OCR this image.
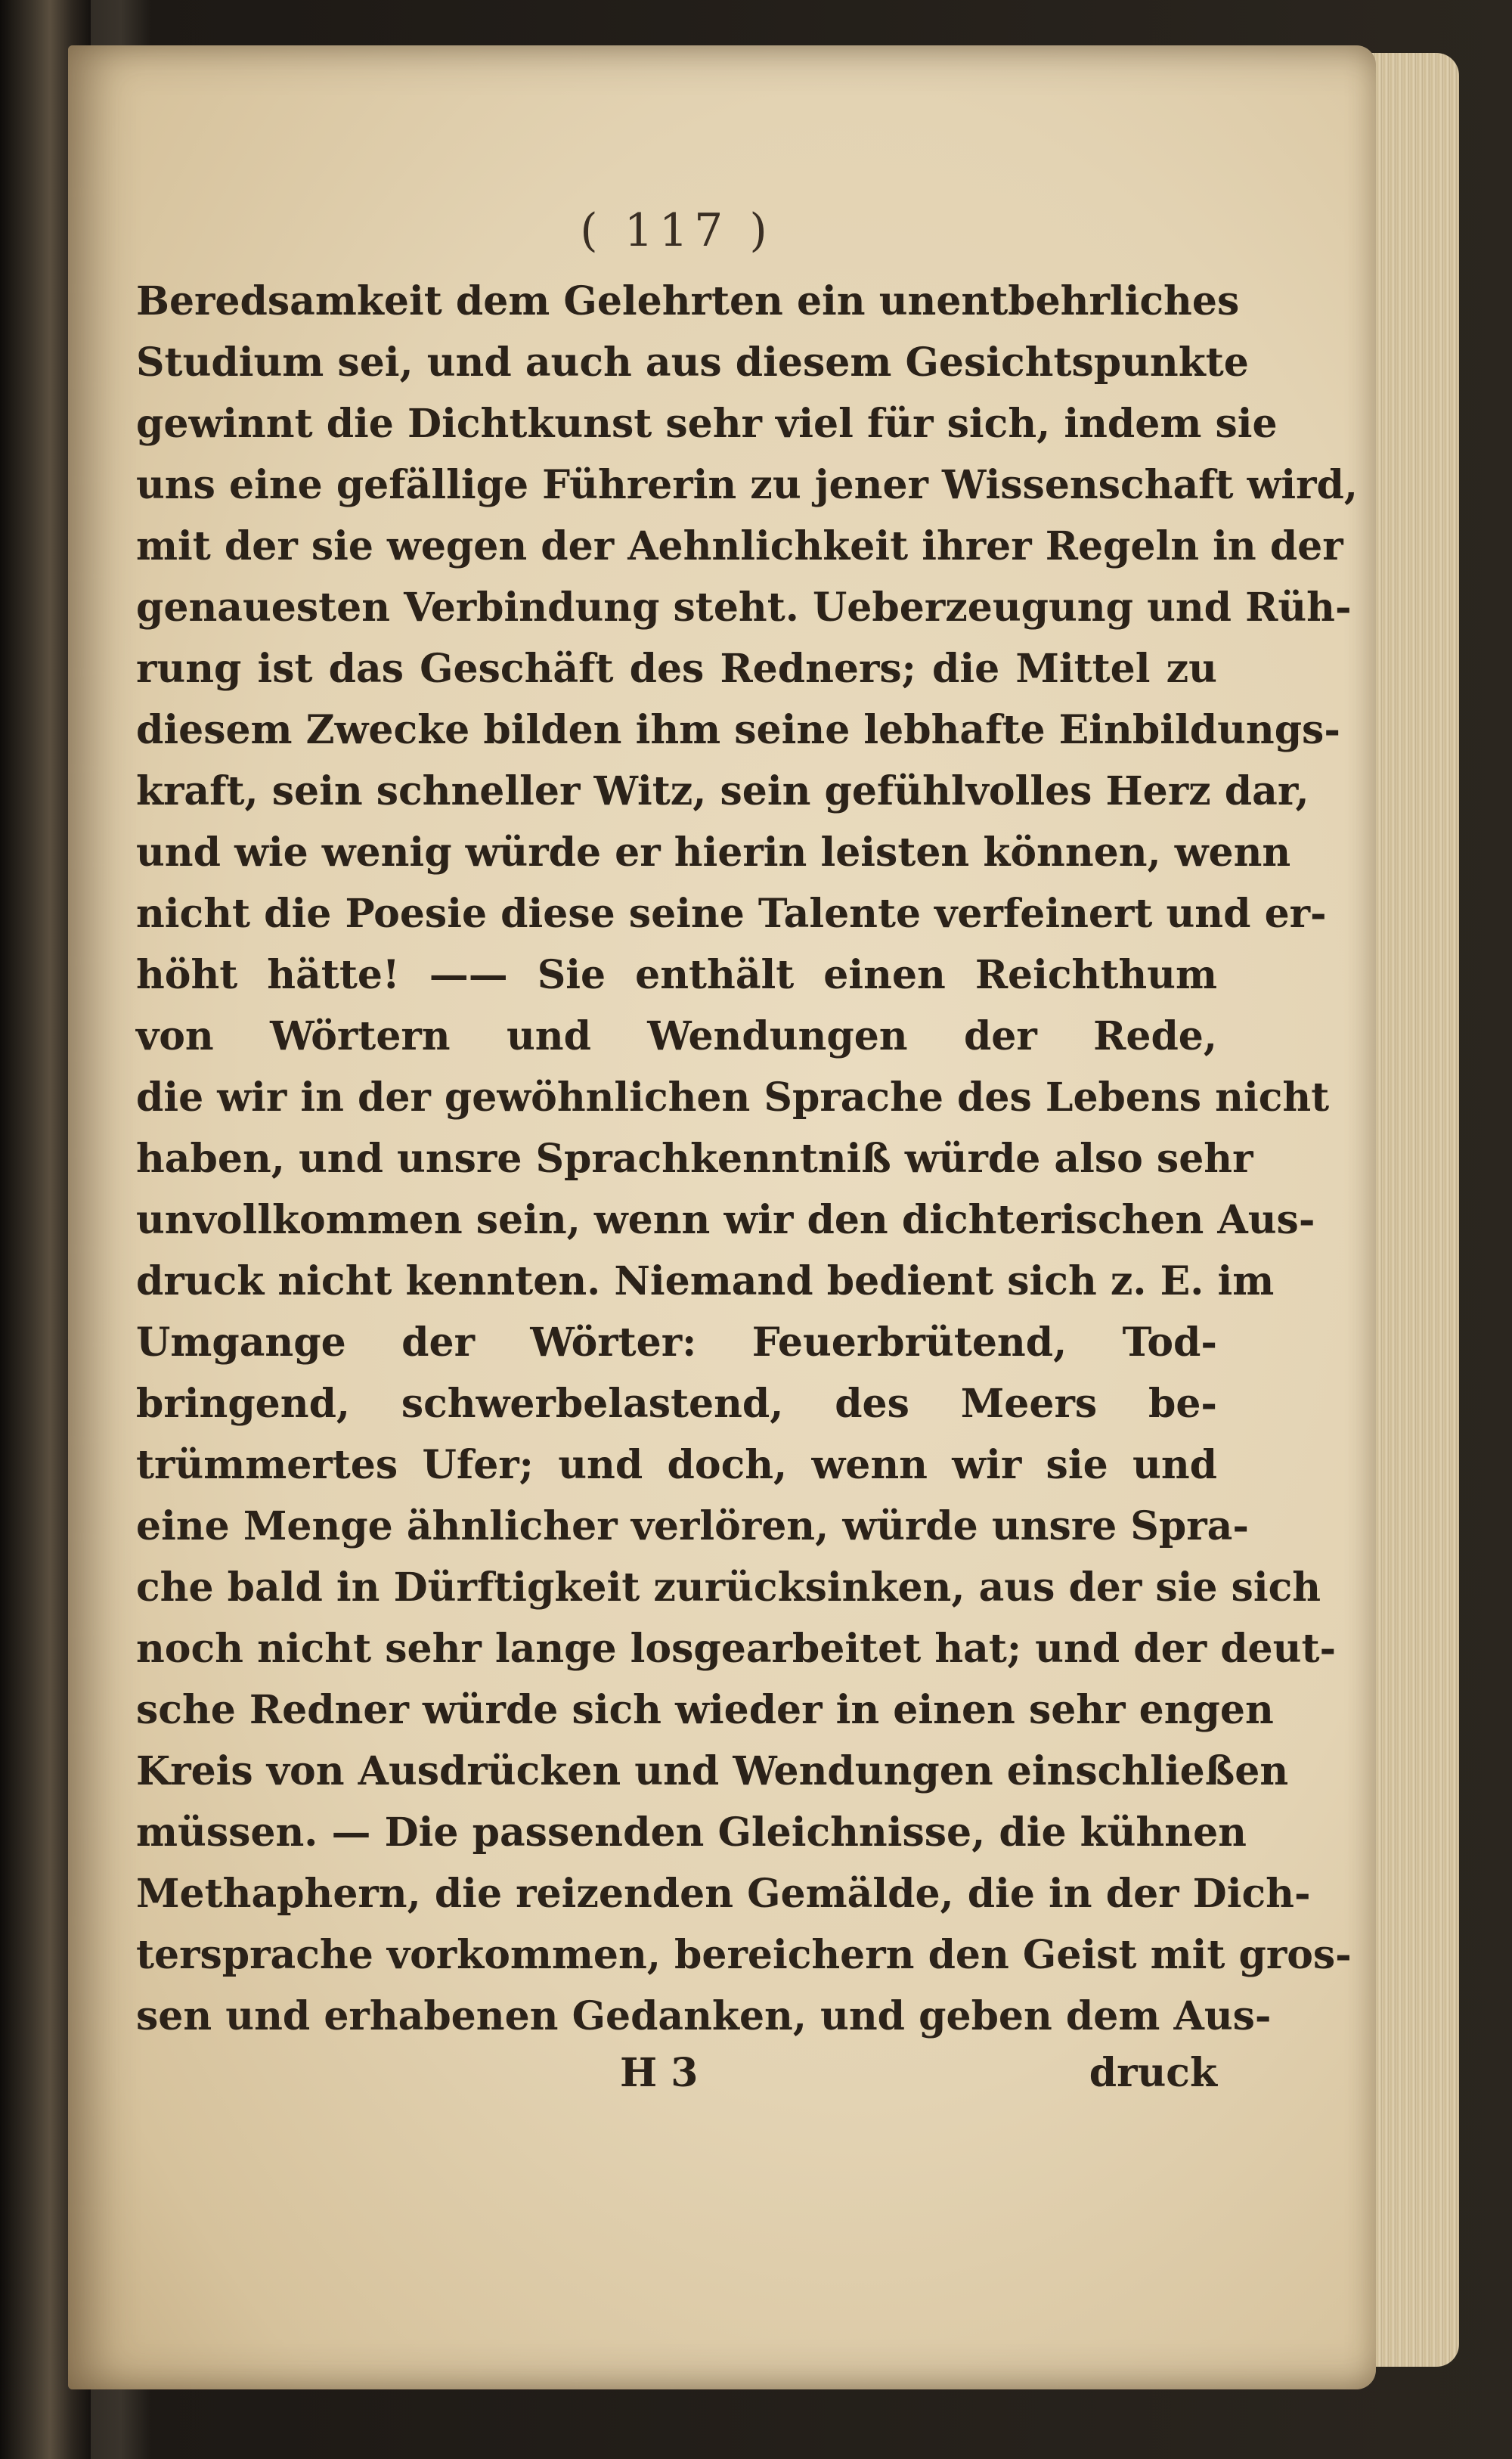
( 117 )
Beredsamkeit dem Gelehrten ein unentbehrliches
Studium sei, und auch aus diesem Gesichtspunkte
gewinnt die Dichtkunst sehr viel für sich, indem sie
uns eine gefällige Führerin zu jener Wissenschaft wird,
mit der sie wegen der Aehnlichkeit ihrer Regeln in der
genauesten Verbindung steht. Ueberzeugung und Rüh-
rung ist das Geschäft des Redners; die Mittel zu
diesem Zwecke bilden ihm seine lebhafte Einbildungs-
kraft, sein schneller Witz, sein gefühlvolles Herz dar,
und wie wenig würde er hierin leisten können, wenn
nicht die Poesie diese seine Talente verfeinert und er-
höht hätte! —— Sie enthält einen Reichthum
von Wörtern und Wendungen der Rede,
die wir in der gewöhnlichen Sprache des Lebens nicht
haben, und unsre Sprachkenntniß würde also sehr
unvollkommen sein, wenn wir den dichterischen Aus-
druck nicht kennten. Niemand bedient sich z. E. im
Umgange der Wörter: Feuerbrütend, Tod-
bringend, schwerbelastend, des Meers be-
trümmertes Ufer; und doch, wenn wir sie und
eine Menge ähnlicher verlören, würde unsre Spra-
che bald in Dürftigkeit zurücksinken, aus der sie sich
noch nicht sehr lange losgearbeitet hat; und der deut-
sche Redner würde sich wieder in einen sehr engen
Kreis von Ausdrücken und Wendungen einschließen
müssen. — Die passenden Gleichnisse, die kühnen
Methaphern, die reizenden Gemälde, die in der Dich-
tersprache vorkommen, bereichern den Geist mit gros-
sen und erhabenen Gedanken, und geben dem Aus-
H 3	druck
